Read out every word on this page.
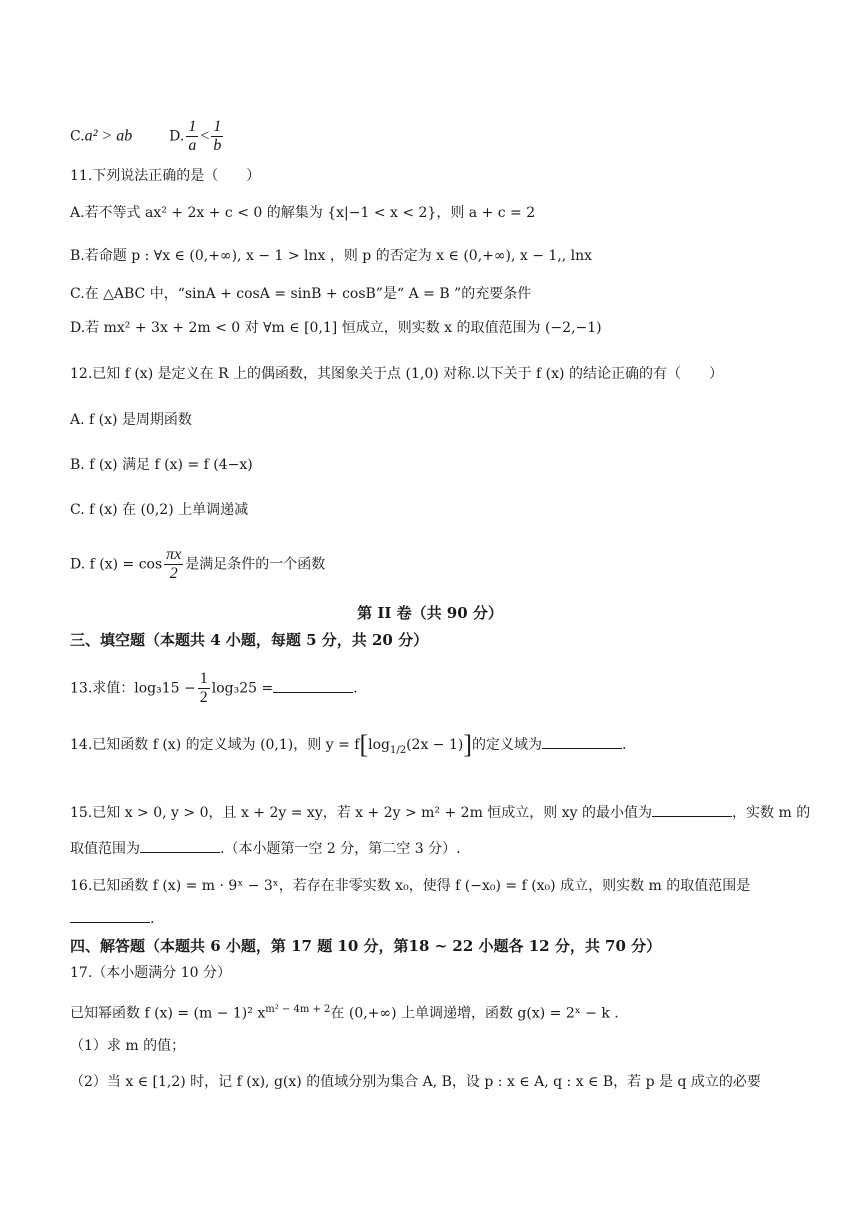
C.a² > ab	D. $\frac{1}{a} < \frac{1}{b}$
11.下列说法正确的是（　　）
A.若不等式 ax² + 2x + c < 0 的解集为 {x|−1 < x < 2}，则 a + c = 2
B.若命题 p : ∀x ∈ (0,+∞), x − 1 > lnx ，则 p 的否定为 x ∈ (0,+∞), x − 1,, lnx
C.在 △ABC 中，“sinA + cosA = sinB + cosB”是“ A = B ”的充要条件
D.若 mx² + 3x + 2m < 0 对 ∀m ∈ [0,1] 恒成立，则实数 x 的取值范围为 (−2,−1)
12.已知 f (x) 是定义在 R 上的偶函数，其图象关于点 (1,0) 对称.以下关于 f (x) 的结论正确的有（　　）
A. f (x) 是周期函数
B. f (x) 满足 f (x) = f (4−x)
C. f (x) 在 (0,2) 上单调递减
D. f $(x) = \cos \frac{\pi x}{2}$ 是满足条件的一个函数
第 II 卷（共 90 分）
三、填空题（本题共 4 小题，每题 5 分，共 20 分）
13.求值：$\log_315 - \frac{1}{2} \log_325$ =	.
14.已知函数 f (x) 的定义域为 (0,1)，则 $y = f[\log_{1/2}(2x - 1)]$的定义域为	.
15.已知 x > 0, y > 0，且 x + 2y = xy，若 x + 2y > m² + 2m 恒成立，则 xy 的最小值为	，实数 m 的
取值范围为	.（本小题第一空 2 分，第二空 3 分）.
16.已知函数 f (x) = m · 9ˣ − 3ˣ，若存在非零实数 x₀，使得 f (−x₀) = f (x₀) 成立，则实数 m 的取值范围是
.
四、解答题（本题共 6 小题，第 17 题 10 分，第18 ~ 22 小题各 12 分，共 70 分）
17.（本小题满分 10 分）
已知幂函数 f (x) = (m − 1)² $x^{m^2 - 4m + 2}$在 (0,+∞) 上单调递增，函数 g(x) = 2ˣ − k .
（1）求 m 的值；
（2）当 x ∈ [1,2) 时，记 f (x), g(x) 的值域分别为集合 A, B，设 p : x ∈ A, q : x ∈ B，若 p 是 q 成立的必要
